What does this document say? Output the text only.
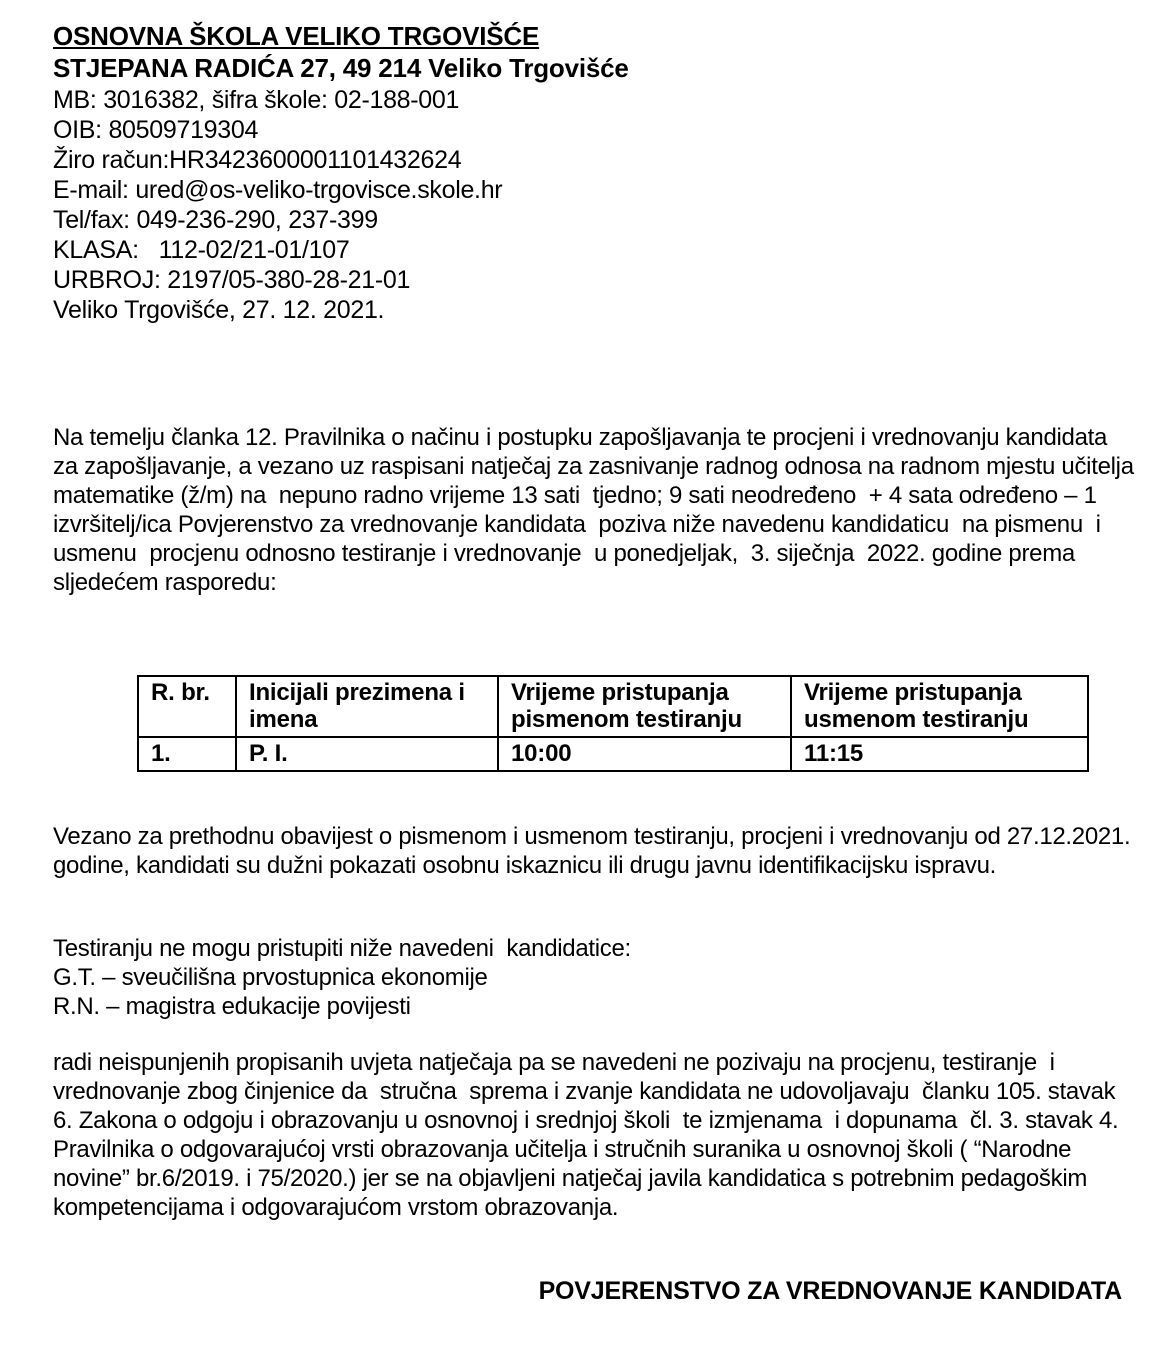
OSNOVNA ŠKOLA VELIKO TRGOVIŠĆE
STJEPANA RADIĆA 27, 49 214 Veliko Trgovišće
MB: 3016382, šifra škole: 02-188-001
OIB: 80509719304
Žiro račun:HR3423600001101432624
E-mail: ured@os-veliko-trgovisce.skole.hr
Tel/fax: 049-236-290, 237-399
KLASA:   112-02/21-01/107
URBROJ: 2197/05-380-28-21-01
Veliko Trgovišće, 27. 12. 2021.

Na temelju članka 12. Pravilnika o načinu i postupku zapošljavanja te procjeni i vrednovanju kandidata za zapošljavanje, a vezano uz raspisani natječaj za zasnivanje radnog odnosa na radnom mjestu učitelja matematike (ž/m) na  nepuno radno vrijeme 13 sati  tjedno; 9 sati neodređeno  + 4 sata određeno – 1 izvršitelj/ica Povjerenstvo za vrednovanje kandidata  poziva niže navedenu kandidaticu  na pismenu  i usmenu  procjenu odnosno testiranje i vrednovanje  u ponedjeljak,  3. siječnja  2022. godine prema sljedećem rasporedu:

R. br.	Inicijali prezimena i imena	Vrijeme pristupanja pismenom testiranju	Vrijeme pristupanja usmenom testiranju
1.	P. I.	10:00	11:15

Vezano za prethodnu obavijest o pismenom i usmenom testiranju, procjeni i vrednovanju od 27.12.2021. godine, kandidati su dužni pokazati osobnu iskaznicu ili drugu javnu identifikacijsku ispravu.

Testiranju ne mogu pristupiti niže navedeni  kandidatice:
G.T. – sveučilišna prvostupnica ekonomije
R.N. – magistra edukacije povijesti

radi neispunjenih propisanih uvjeta natječaja pa se navedeni ne pozivaju na procjenu, testiranje  i vrednovanje zbog činjenice da  stručna  sprema i zvanje kandidata ne udovoljavaju  članku 105. stavak 6. Zakona o odgoju i obrazovanju u osnovnoj i srednjoj školi  te izmjenama  i dopunama  čl. 3. stavak 4. Pravilnika o odgovarajućoj vrsti obrazovanja učitelja i stručnih suranika u osnovnoj školi ( “Narodne novine” br.6/2019. i 75/2020.) jer se na objavljeni natječaj javila kandidatica s potrebnim pedagoškim kompetencijama i odgovarajućom vrstom obrazovanja.

POVJERENSTVO ZA VREDNOVANJE KANDIDATA
